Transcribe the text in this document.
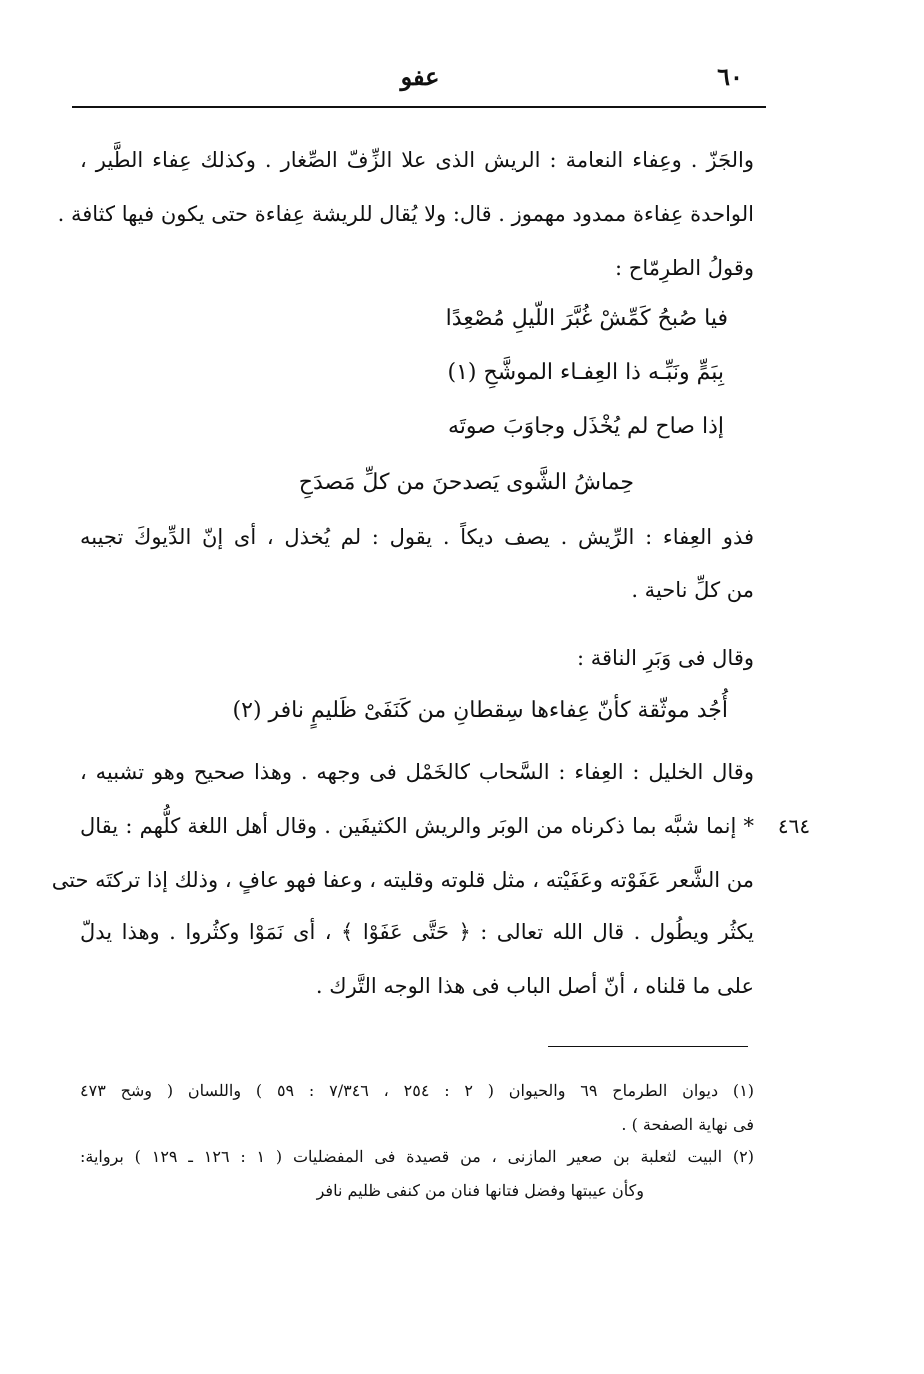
٦٠
عفو
والجَزّ . وعِفاء النعامة : الريش الذى علا الزِّفّ الصِّغار . وكذلك عِفاء الطَّير ،
الواحدة عِفاءة ممدود مهموز . قال: ولا يُقال للريشة عِفاءة حتى يكون فيها كثافة .
وقولُ الطرِمّاح :
فيا صُبحُ كَمِّشْ غُبَّرَ اللّيلِ مُصْعِدًا
بِبَمٍّ ونَبِّـه ذا العِفـاء الموشَّحِ (١)
إذا صاح لم يُخْذَل وجاوَبَ صوتَه
حِماشُ الشَّوى يَصدحنَ من كلِّ مَصدَحِ
فذو العِفاء : الرِّيش . يصف ديكاً . يقول : لم يُخذل ، أى إنّ الدِّيوكَ تجيبه
من كلِّ ناحية .
وقال فى وَبَرِ الناقة :
أُجُد موثّقة كأنّ عِفاءها سِقطانِ من كَنَفَىْ ظَليمٍ نافر (٢)
وقال الخليل : العِفاء : السَّحاب كالخَمْل فى وجهه . وهذا صحيح وهو تشبيه ،
* إنما شبَّه بما ذكرناه من الوبَر والريش الكثيفَين . وقال أهل اللغة كلُّهم : يقال
من الشَّعر عَفَوْته وعَفَيْته ، مثل قلوته وقليته ، وعفا فهو عافٍ ، وذلك إذا تركتَه حتى
يكثُر ويطُول . قال الله تعالى : ﴿ حَتَّى عَفَوْا ﴾ ، أى نَمَوْا وكثُروا . وهذا يدلّ
على ما قلناه ، أنّ أصل الباب فى هذا الوجه التَّرك .
٤٦٤
(١) ديوان الطرماح ٦٩ والحيوان ( ٢ : ٢٥٤ ، ٧/٣٤٦ : ٥٩ ) واللسان ( وشح ٤٧٣
فى نهاية الصفحة ) .
(٢) البيت لثعلبة بن صعير المازنى ، من قصيدة فى المفضليات ( ١ : ١٢٦ ـ ١٢٩ ) برواية:
وكأن عيبتها وفضل فتانها فنان من كنفى ظليم نافر
